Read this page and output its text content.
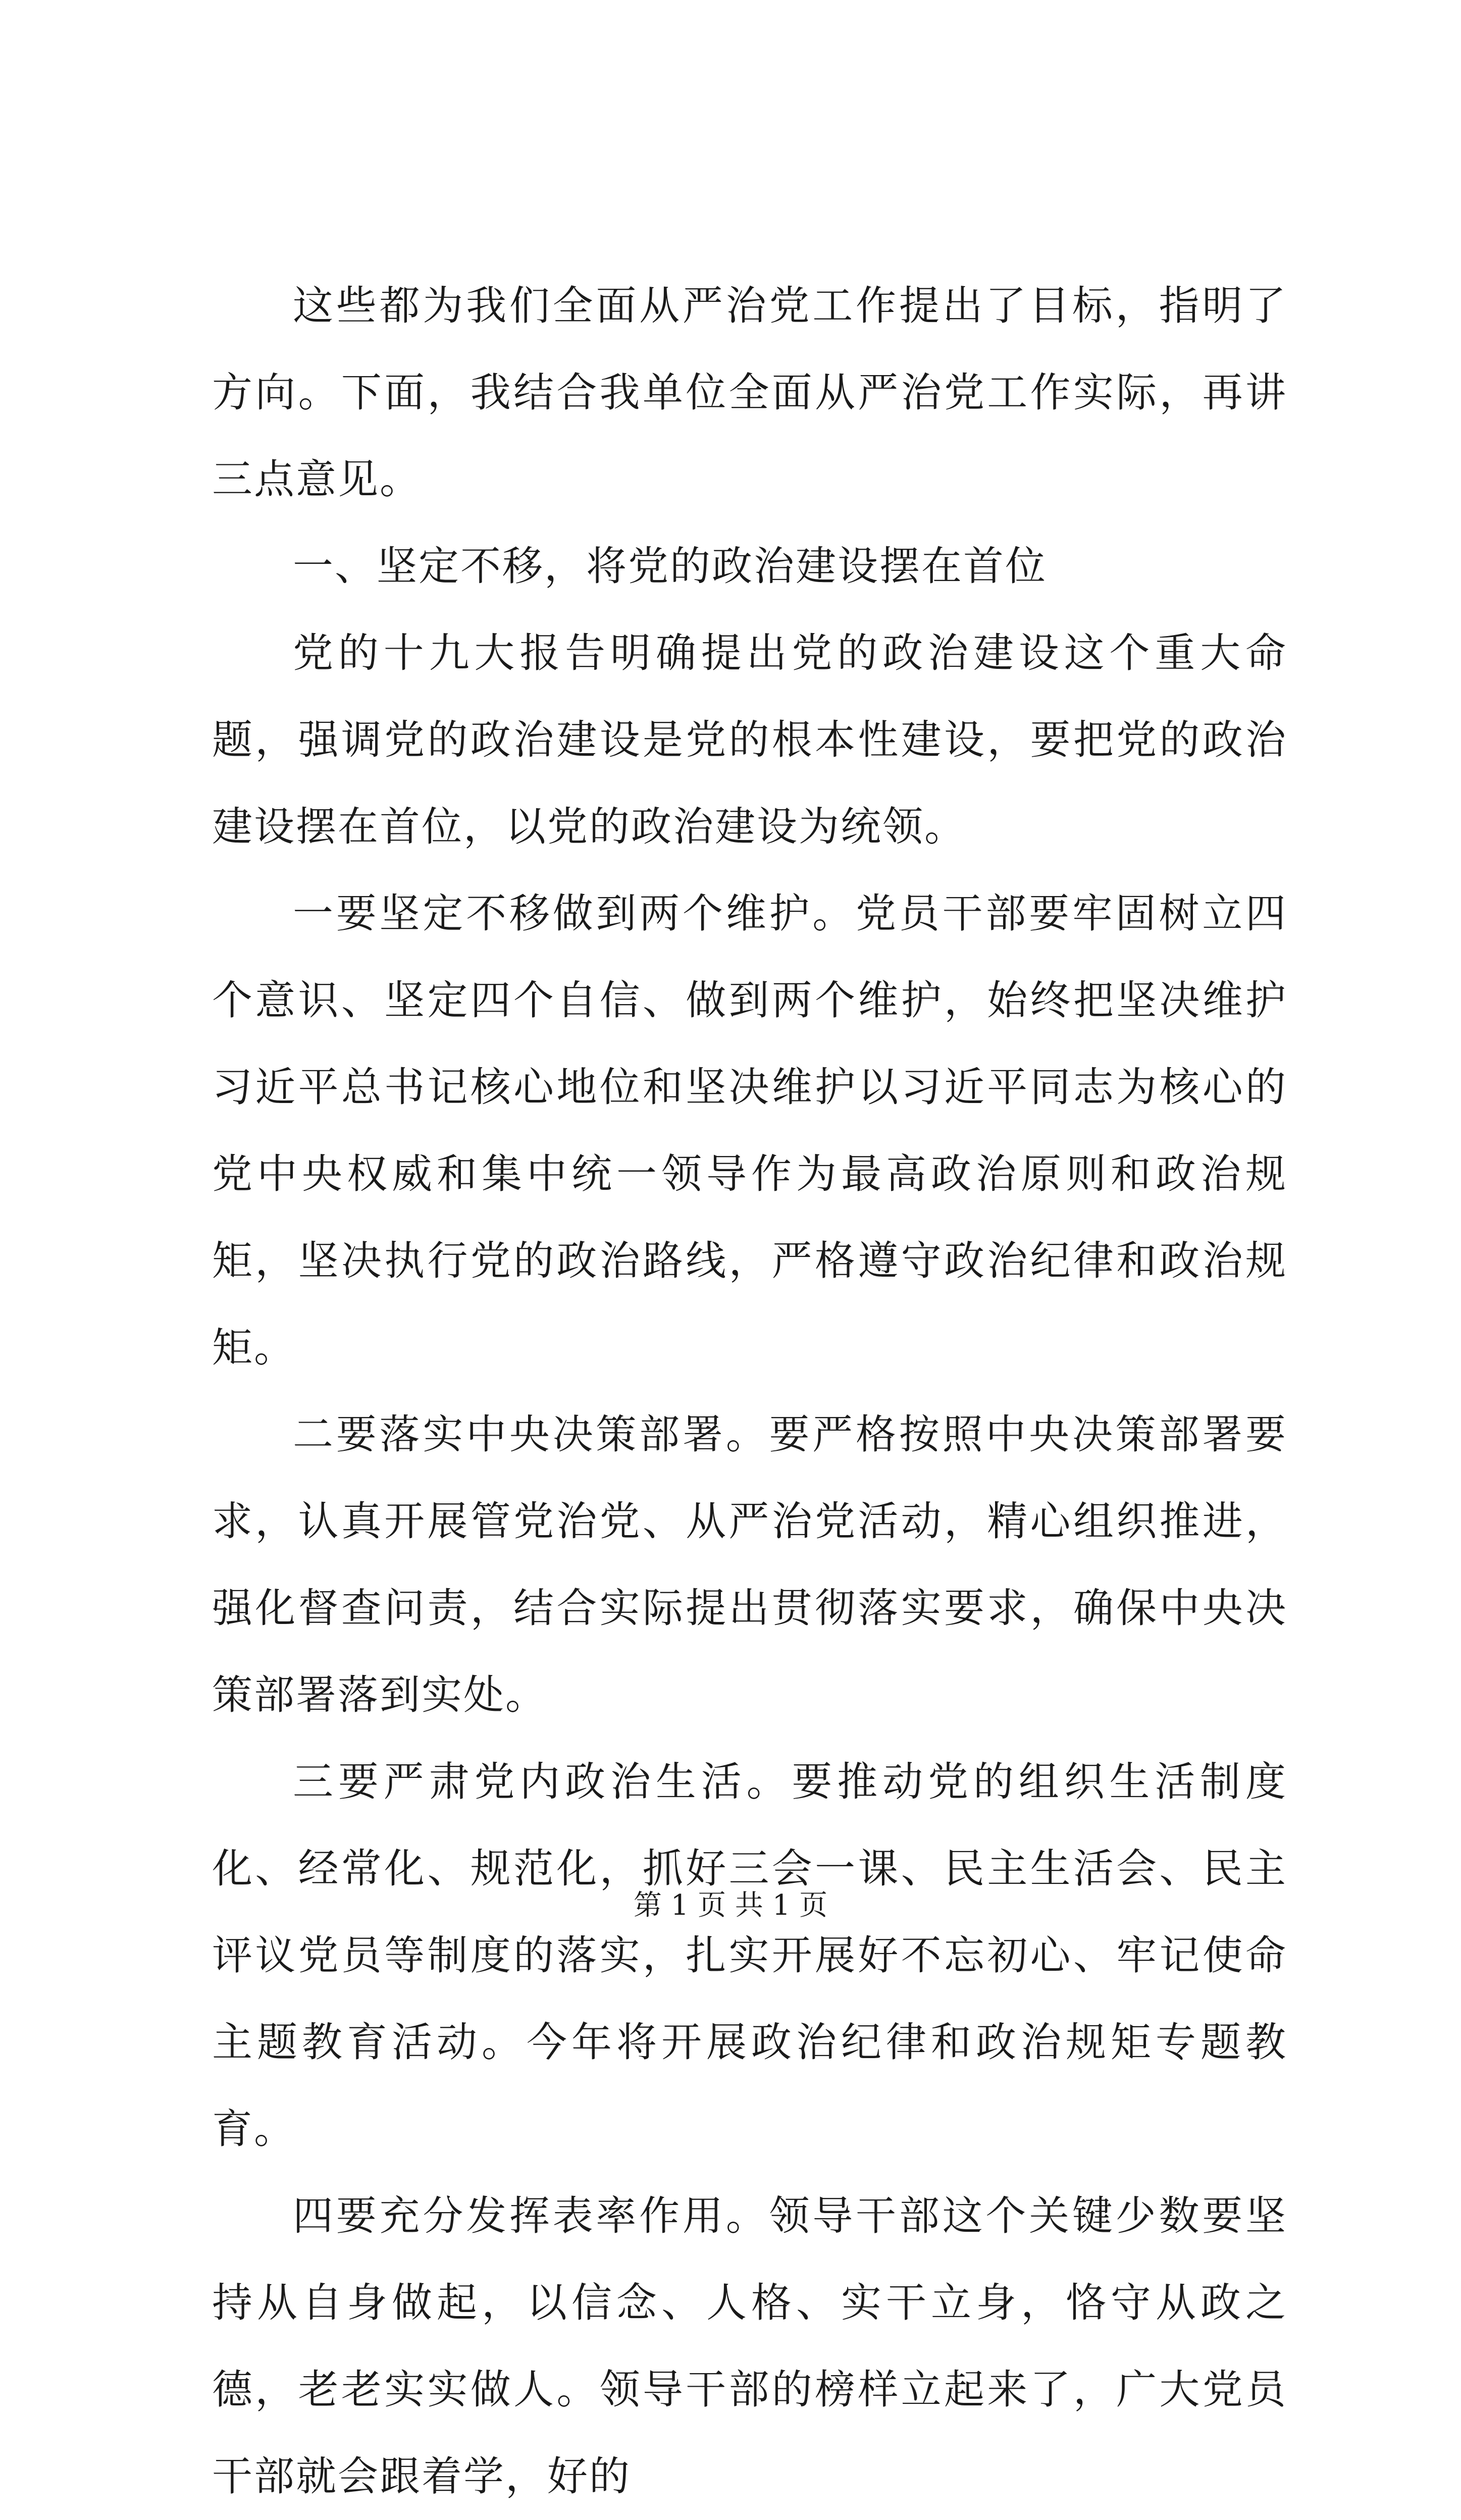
这些都为我们全面从严治党工作提出了目标，指明了方向。下面，我结合我单位全面从严治党工作实际，再讲三点意见。

一、坚定不移，将党的政治建设摆在首位

党的十九大报告明确提出党的政治建设这个重大命题，强调党的政治建设是党的根本性建设，要把党的政治建设摆在首位，以党的政治建设为统领。

一要坚定不移做到两个维护。党员干部要牢固树立四个意识、坚定四个自信、做到两个维护，始终把坚决维护习近平总书记核心地位和坚决维护以习近平同志为核心的党中央权威和集中统一领导作为最高政治原则和政治规矩，坚决执行党的政治路线，严格遵守政治纪律和政治规矩。

二要落实中央决策部署。要严格按照中央决策部署要求，认真开展管党治党、从严治党活动，精心组织推进，强化督查问责，结合实际提出贯彻落实要求，确保中央决策部署落到实处。

三要严肃党内政治生活。要推动党的组织生活制度化、经常化、规范化，抓好三会一课、民主生活会、民主评议党员等制度的落实，扎实开展好不忘初心、牢记使命主题教育活动。今年将开展政治纪律和政治规矩专题教育。

四要充分发挥表率作用。领导干部这个关键少数要坚持从自身做起，以信念、人格、实干立身，恪守从政之德，老老实实做人。领导干部的榜样立起来了，广大党员干部就会跟着学，好的

第 1 页 共 1 页
